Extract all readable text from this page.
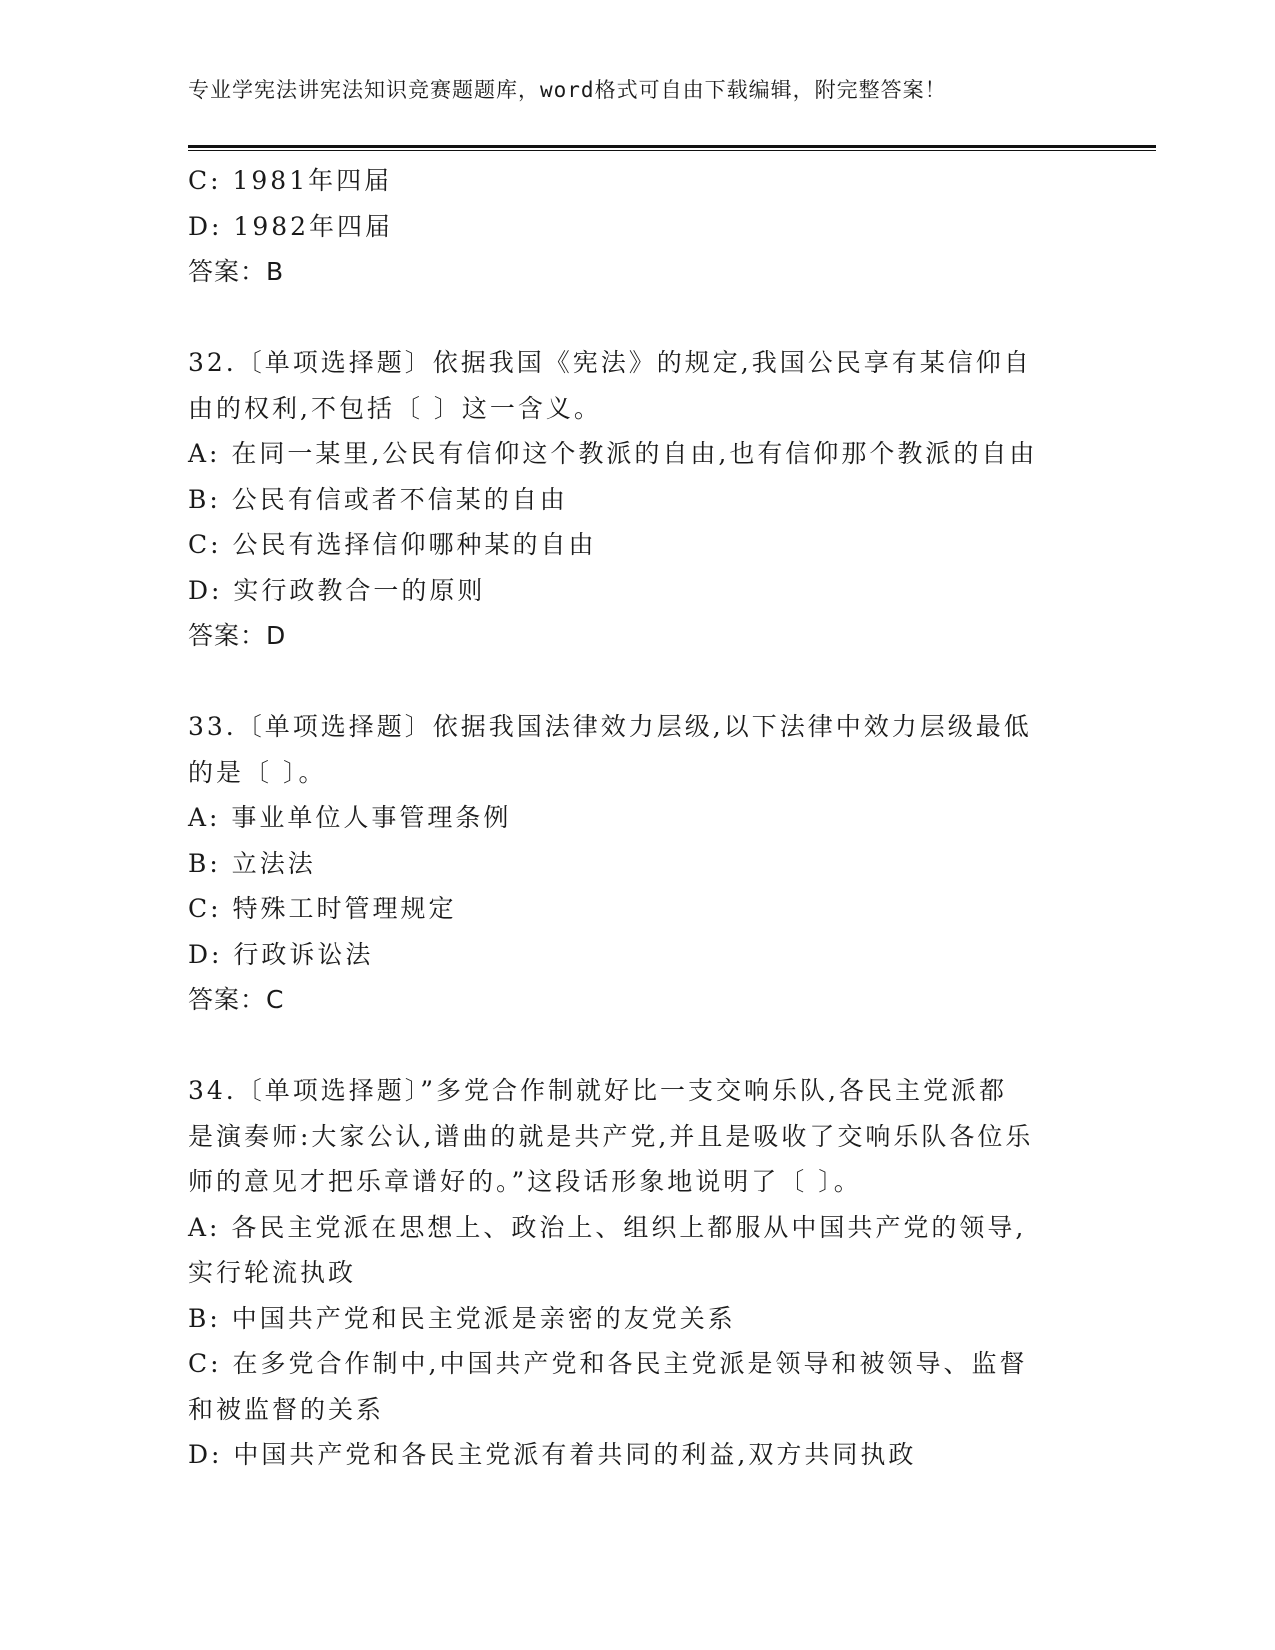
专业学宪法讲宪法知识竞赛题题库，word格式可自由下载编辑，附完整答案！
C: 1981年四届
D: 1982年四届
答案：B
32.〔单项选择题〕依据我国《宪法》的规定,我国公民享有某信仰自
由的权利,不包括〔 〕这一含义。
A: 在同一某里,公民有信仰这个教派的自由,也有信仰那个教派的自由
B: 公民有信或者不信某的自由
C: 公民有选择信仰哪种某的自由
D: 实行政教合一的原则
答案：D
33.〔单项选择题〕依据我国法律效力层级,以下法律中效力层级最低
的是〔 〕。
A: 事业单位人事管理条例
B: 立法法
C: 特殊工时管理规定
D: 行政诉讼法
答案：C
34.〔单项选择题〕”多党合作制就好比一支交响乐队,各民主党派都
是演奏师:大家公认,谱曲的就是共产党,并且是吸收了交响乐队各位乐
师的意见才把乐章谱好的。”这段话形象地说明了〔 〕。
A: 各民主党派在思想上、政治上、组织上都服从中国共产党的领导,
实行轮流执政
B: 中国共产党和民主党派是亲密的友党关系
C: 在多党合作制中,中国共产党和各民主党派是领导和被领导、监督
和被监督的关系
D: 中国共产党和各民主党派有着共同的利益,双方共同执政
